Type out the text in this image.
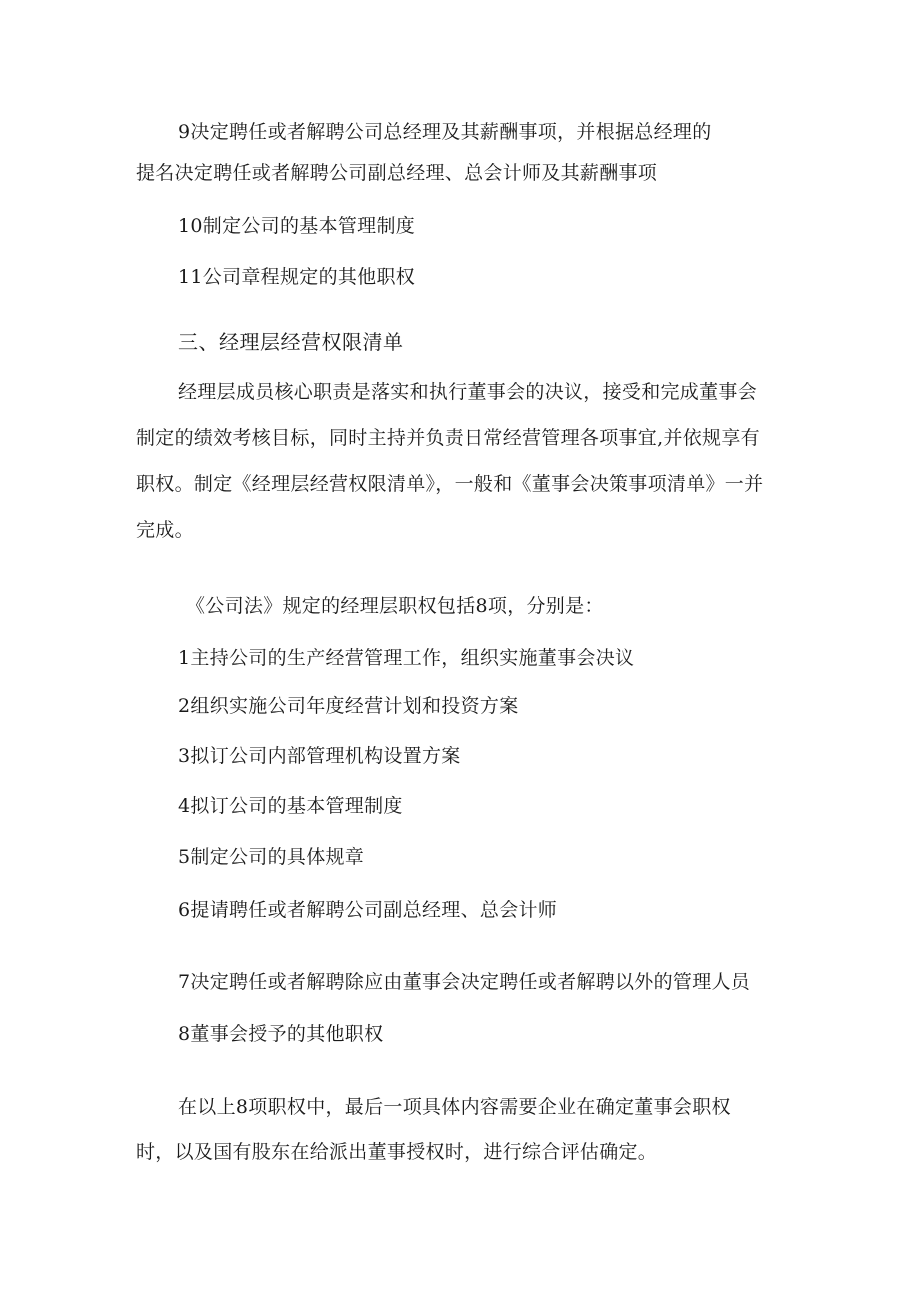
9决定聘任或者解聘公司总经理及其薪酬事项，并根据总经理的
提名决定聘任或者解聘公司副总经理、总会计师及其薪酬事项
10制定公司的基本管理制度
11公司章程规定的其他职权
三、经理层经营权限清单
经理层成员核心职责是落实和执行董事会的决议，接受和完成董事会
制定的绩效考核目标，同时主持并负责日常经营管理各项事宜,并依规享有
职权。制定《经理层经营权限清单》，一般和《董事会决策事项清单》一并
完成。
《公司法》规定的经理层职权包括8项，分别是：
1主持公司的生产经营管理工作，组织实施董事会决议
2组织实施公司年度经营计划和投资方案
3拟订公司内部管理机构设置方案
4拟订公司的基本管理制度
5制定公司的具体规章
6提请聘任或者解聘公司副总经理、总会计师
7决定聘任或者解聘除应由董事会决定聘任或者解聘以外的管理人员
8董事会授予的其他职权
在以上8项职权中，最后一项具体内容需要企业在确定董事会职权
时，以及国有股东在给派出董事授权时，进行综合评估确定。
